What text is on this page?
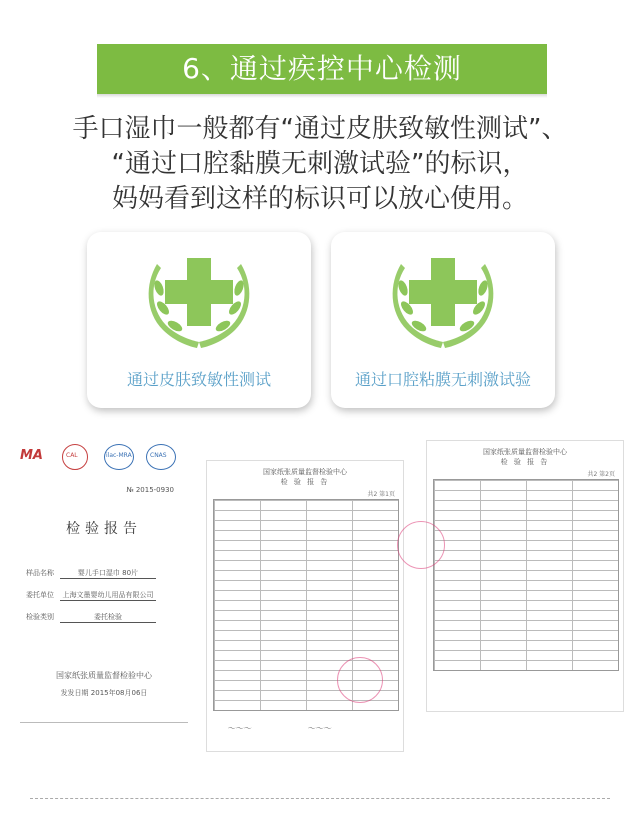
6、通过疾控中心检测
手口湿巾一般都有“通过皮肤致敏性测试”、
“通过口腔黏膜无刺激试验”的标识，
妈妈看到这样的标识可以放心使用。
通过皮肤致敏性测试	通过口腔粘膜无刺激试验
MA	CAL	ilac-MRA	CNAS
№ 2015-0930
检验报告
样品名称	婴儿手口湿巾 80片
委托单位 上海文墨婴幼儿用品有限公司
检验类别	委托检验
国家纸张质量监督检验中心
发发日期 2015年08月06日
国家纸张质量监督检验中心
检 验 报 告
共2 第1页
～～～	～～～
国家纸张质量监督检验中心
检 验 报 告
共2 第2页
